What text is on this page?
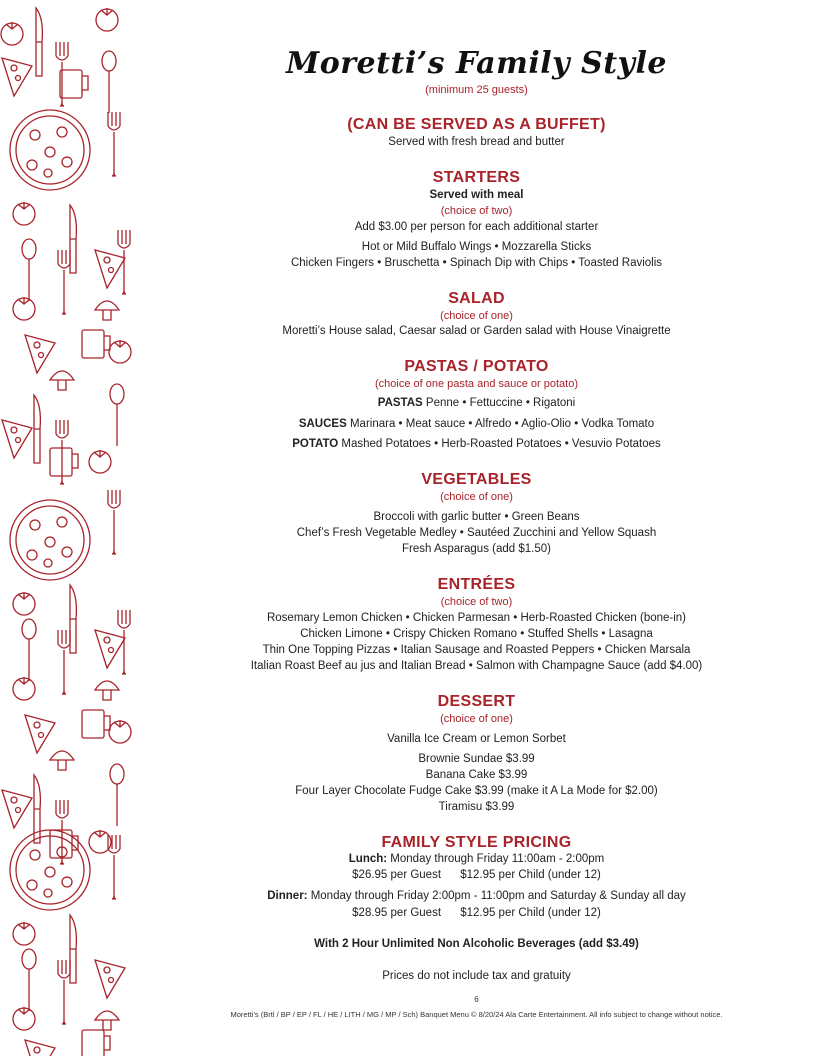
Moretti’s Family Style
(minimum 25 guests)
(CAN BE SERVED AS A BUFFET)
Served with fresh bread and butter
STARTERS
Served with meal
(choice of two)
Add $3.00 per person for each additional starter
Hot or Mild Buffalo Wings • Mozzarella Sticks
Chicken Fingers • Bruschetta • Spinach Dip with Chips • Toasted Raviolis
SALAD
(choice of one)
Moretti’s House salad, Caesar salad or Garden salad with House Vinaigrette
PASTAS / POTATO
(choice of one pasta and sauce or potato)
PASTAS Penne • Fettuccine • Rigatoni
SAUCES Marinara • Meat sauce • Alfredo • Aglio-Olio • Vodka Tomato
POTATO Mashed Potatoes • Herb-Roasted Potatoes • Vesuvio Potatoes
VEGETABLES
(choice of one)
Broccoli with garlic butter • Green Beans
Chef’s Fresh Vegetable Medley • Sautéed Zucchini and Yellow Squash
Fresh Asparagus (add $1.50)
ENTRÉES
(choice of two)
Rosemary Lemon Chicken • Chicken Parmesan • Herb-Roasted Chicken (bone-in)
Chicken Limone • Crispy Chicken Romano • Stuffed Shells • Lasagna
Thin One Topping Pizzas • Italian Sausage and Roasted Peppers • Chicken Marsala
Italian Roast Beef au jus and Italian Bread • Salmon with Champagne Sauce (add $4.00)
DESSERT
(choice of one)
Vanilla Ice Cream or Lemon Sorbet
Brownie Sundae $3.99
Banana Cake $3.99
Four Layer Chocolate Fudge Cake $3.99 (make it A La Mode for $2.00)
Tiramisu $3.99
FAMILY STYLE PRICING
Lunch: Monday through Friday 11:00am - 2:00pm
$26.95 per Guest      $12.95 per Child (under 12)
Dinner: Monday through Friday 2:00pm - 11:00pm and Saturday & Sunday all day
$28.95 per Guest      $12.95 per Child (under 12)
With 2 Hour Unlimited Non Alcoholic Beverages (add $3.49)
Prices do not include tax and gratuity
6
Moretti’s (Brtl / BP / EP / FL / HE / LITH / MG / MP / Sch) Banquet Menu © 8/20/24 Ala Carte Entertainment. All info subject to change without notice.
